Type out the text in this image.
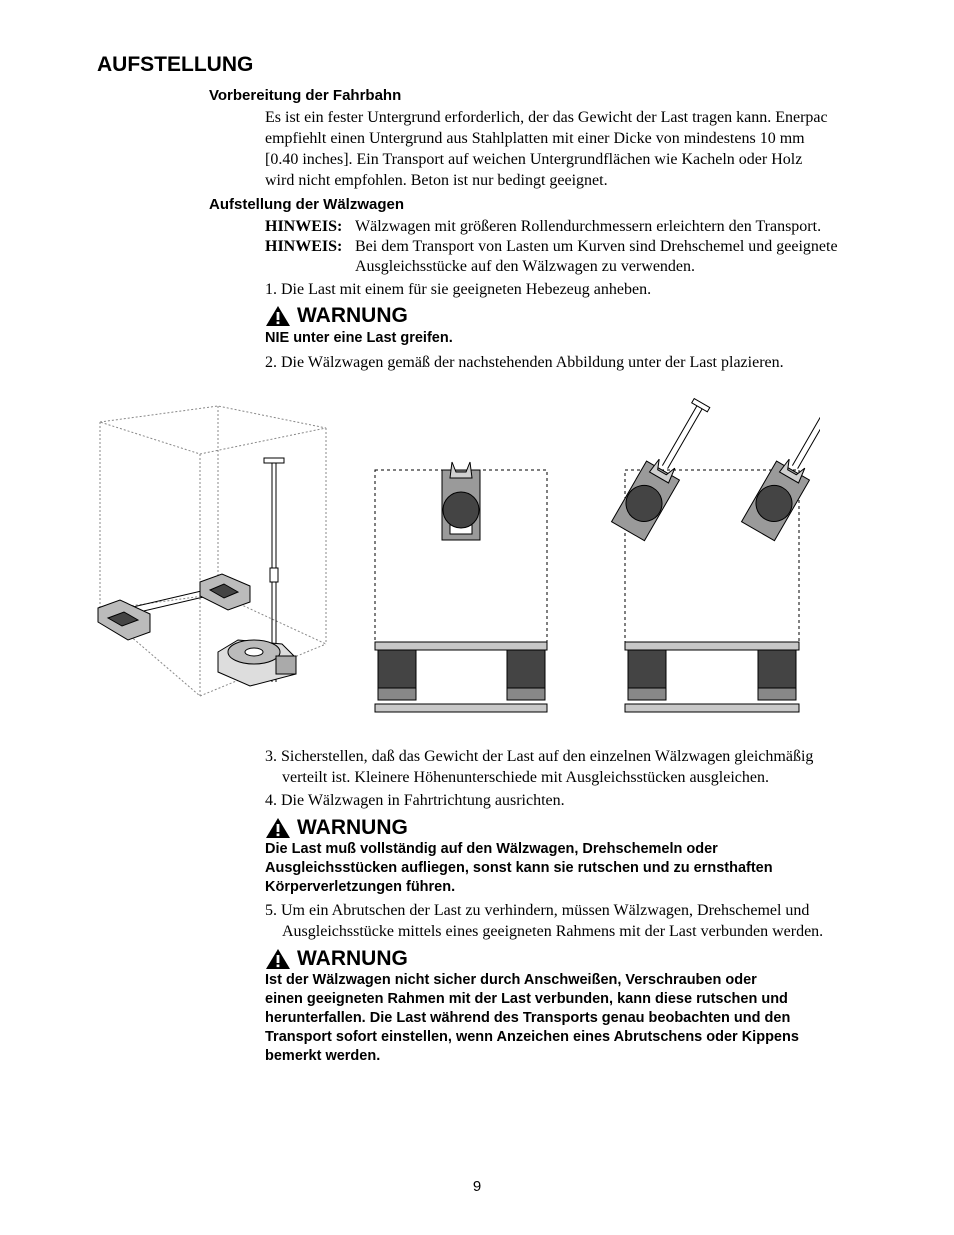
AUFSTELLUNG
Vorbereitung der Fahrbahn
Es ist ein fester Untergrund erforderlich, der das Gewicht der Last tragen kann. Enerpac
empfiehlt einen Untergrund aus Stahlplatten mit einer Dicke von mindestens 10 mm
[0.40 inches]. Ein Transport auf weichen Untergrundflächen wie Kacheln oder Holz
wird nicht empfohlen. Beton ist nur bedingt geeignet.
Aufstellung der Wälzwagen
HINWEIS: Wälzwagen mit größeren Rollendurchmessern erleichtern den Transport.
HINWEIS: Bei dem Transport von Lasten um Kurven sind Drehschemel und geeignete
Ausgleichsstücke auf den Wälzwagen zu verwenden.
1. Die Last mit einem für sie geeigneten Hebezeug anheben.
WARNUNG
NIE unter eine Last greifen.
2. Die Wälzwagen gemäß der nachstehenden Abbildung unter der Last plazieren.
3. Sicherstellen, daß das Gewicht der Last auf den einzelnen Wälzwagen gleichmäßig
verteilt ist. Kleinere Höhenunterschiede mit Ausgleichsstücken ausgleichen.
4. Die Wälzwagen in Fahrtrichtung ausrichten.
WARNUNG
Die Last muß vollständig auf den Wälzwagen, Drehschemeln oder
Ausgleichsstücken aufliegen, sonst kann sie rutschen und zu ernsthaften
Körperverletzungen führen.
5. Um ein Abrutschen der Last zu verhindern, müssen Wälzwagen, Drehschemel und
Ausgleichsstücke mittels eines geeigneten Rahmens mit der Last verbunden werden.
WARNUNG
Ist der Wälzwagen nicht sicher durch Anschweißen, Verschrauben oder
einen geeigneten Rahmen mit der Last verbunden, kann diese rutschen und
herunterfallen. Die Last während des Transports genau beobachten und den
Transport sofort einstellen, wenn Anzeichen eines Abrutschens oder Kippens
bemerkt werden.
9
